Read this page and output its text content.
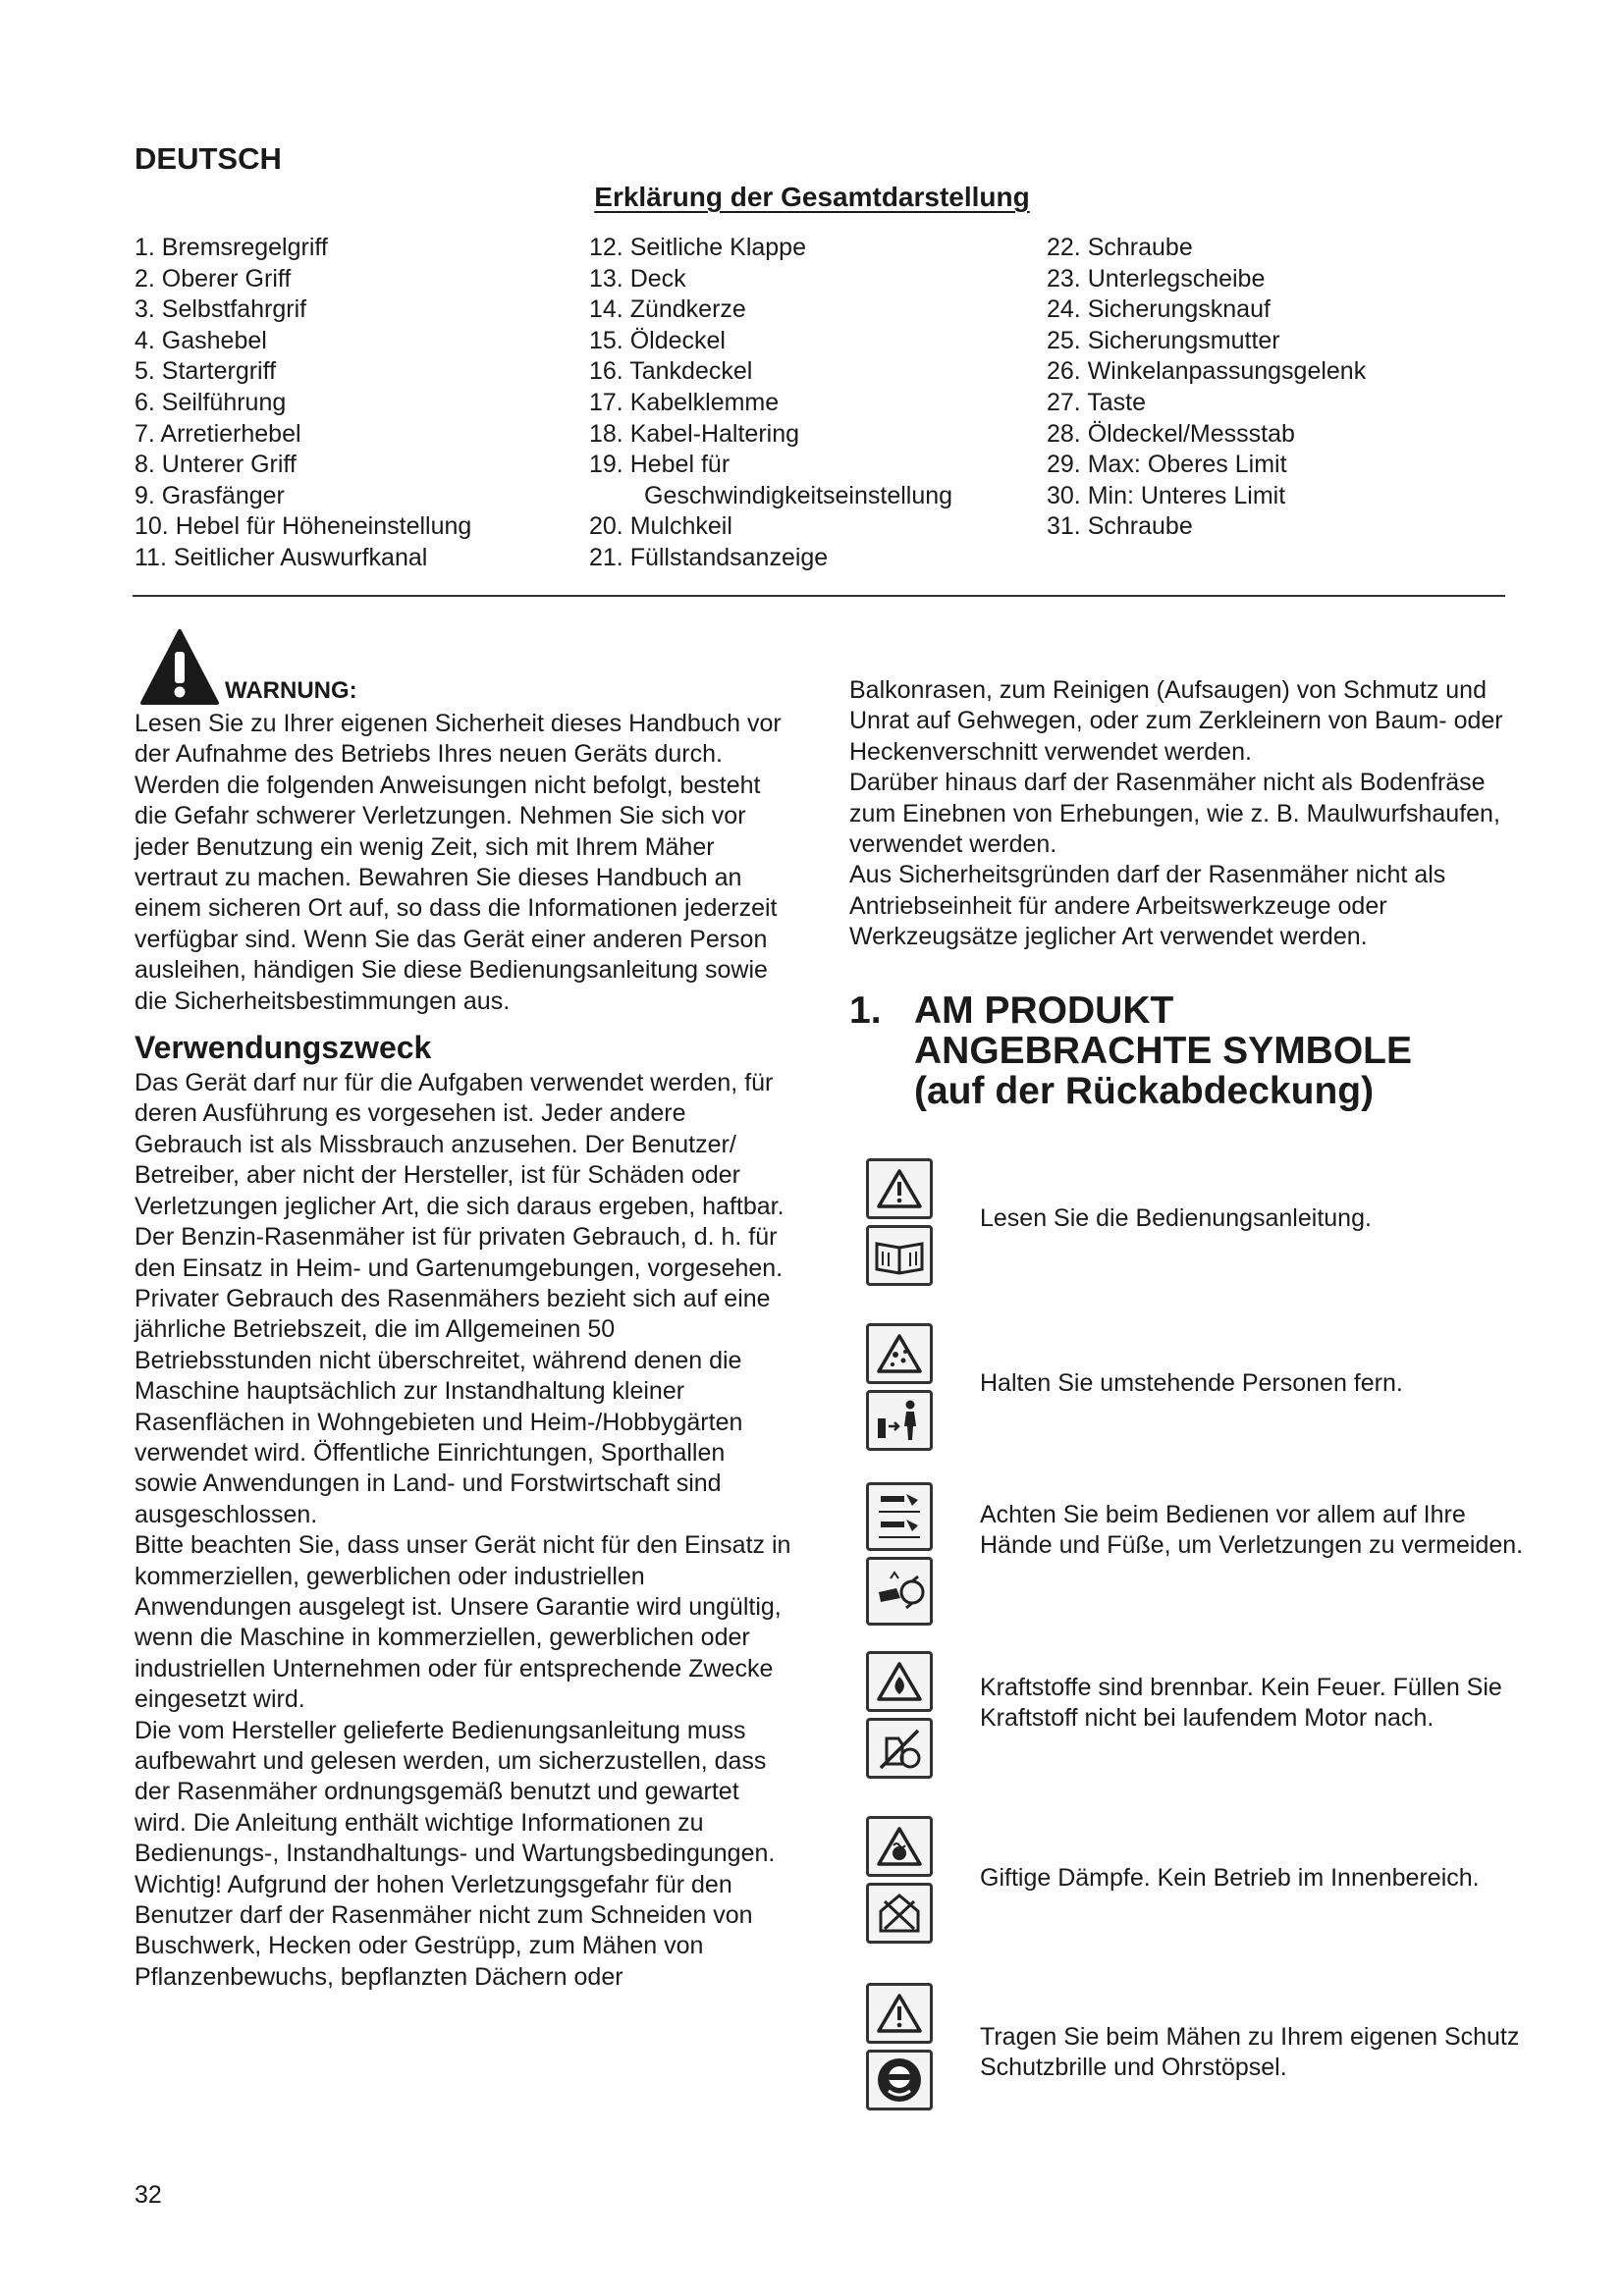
DEUTSCH
Erklärung der Gesamtdarstellung
1. Bremsregelgriff
2. Oberer Griff
3. Selbstfahrgrif
4. Gashebel
5. Startergriff
6. Seilführung
7. Arretierhebel
8. Unterer Griff
9. Grasfänger
10. Hebel für Höheneinstellung
11. Seitlicher Auswurfkanal
12. Seitliche Klappe
13. Deck
14. Zündkerze
15. Öldeckel
16. Tankdeckel
17. Kabelklemme
18. Kabel-Haltering
19. Hebel für
Geschwindigkeitseinstellung
20. Mulchkeil
21. Füllstandsanzeige
22. Schraube
23. Unterlegscheibe
24. Sicherungsknauf
25. Sicherungsmutter
26. Winkelanpassungsgelenk
27. Taste
28. Öldeckel/Messstab
29. Max: Oberes Limit
30. Min: Unteres Limit
31. Schraube
WARNUNG:
Lesen Sie zu Ihrer eigenen Sicherheit dieses Handbuch vor der Aufnahme des Betriebs Ihres neuen Geräts durch. Werden die folgenden Anweisungen nicht befolgt, besteht die Gefahr schwerer Verletzungen. Nehmen Sie sich vor jeder Benutzung ein wenig Zeit, sich mit Ihrem Mäher vertraut zu machen. Bewahren Sie dieses Handbuch an einem sicheren Ort auf, so dass die Informationen jederzeit verfügbar sind. Wenn Sie das Gerät einer anderen Person ausleihen, händigen Sie diese Bedienungsanleitung sowie die Sicherheitsbestimmungen aus.
Verwendungszweck
Das Gerät darf nur für die Aufgaben verwendet werden, für deren Ausführung es vorgesehen ist. Jeder andere Gebrauch ist als Missbrauch anzusehen. Der Benutzer/ Betreiber, aber nicht der Hersteller, ist für Schäden oder Verletzungen jeglicher Art, die sich daraus ergeben, haftbar.
Der Benzin-Rasenmäher ist für privaten Gebrauch, d. h. für den Einsatz in Heim- und Gartenumgebungen, vorgesehen.
Privater Gebrauch des Rasenmähers bezieht sich auf eine jährliche Betriebszeit, die im Allgemeinen 50 Betriebsstunden nicht überschreitet, während denen die Maschine hauptsächlich zur Instandhaltung kleiner Rasenflächen in Wohngebieten und Heim-/Hobbygärten verwendet wird. Öffentliche Einrichtungen, Sporthallen sowie Anwendungen in Land- und Forstwirtschaft sind ausgeschlossen.
Bitte beachten Sie, dass unser Gerät nicht für den Einsatz in kommerziellen, gewerblichen oder industriellen Anwendungen ausgelegt ist. Unsere Garantie wird ungültig, wenn die Maschine in kommerziellen, gewerblichen oder industriellen Unternehmen oder für entsprechende Zwecke eingesetzt wird.
Die vom Hersteller gelieferte Bedienungsanleitung muss aufbewahrt und gelesen werden, um sicherzustellen, dass der Rasenmäher ordnungsgemäß benutzt und gewartet wird. Die Anleitung enthält wichtige Informationen zu Bedienungs-, Instandhaltungs- und Wartungsbedingungen.
Wichtig! Aufgrund der hohen Verletzungsgefahr für den Benutzer darf der Rasenmäher nicht zum Schneiden von Buschwerk, Hecken oder Gestrüpp, zum Mähen von Pflanzenbewuchs, bepflanzten Dächern oder
Balkonrasen, zum Reinigen (Aufsaugen) von Schmutz und Unrat auf Gehwegen, oder zum Zerkleinern von Baum- oder Heckenverschnitt verwendet werden.
Darüber hinaus darf der Rasenmäher nicht als Bodenfräse zum Einebnen von Erhebungen, wie z. B. Maulwurfshaufen, verwendet werden.
Aus Sicherheitsgründen darf der Rasenmäher nicht als Antriebseinheit für andere Arbeitswerkzeuge oder Werkzeugsätze jeglicher Art verwendet werden.
1. AM PRODUKT
ANGEBRACHTE SYMBOLE
(auf der Rückabdeckung)
Lesen Sie die Bedienungsanleitung.
Halten Sie umstehende Personen fern.
Achten Sie beim Bedienen vor allem auf Ihre Hände und Füße, um Verletzungen zu vermeiden.
Kraftstoffe sind brennbar. Kein Feuer. Füllen Sie Kraftstoff nicht bei laufendem Motor nach.
Giftige Dämpfe. Kein Betrieb im Innenbereich.
Tragen Sie beim Mähen zu Ihrem eigenen Schutz Schutzbrille und Ohrstöpsel.
32
